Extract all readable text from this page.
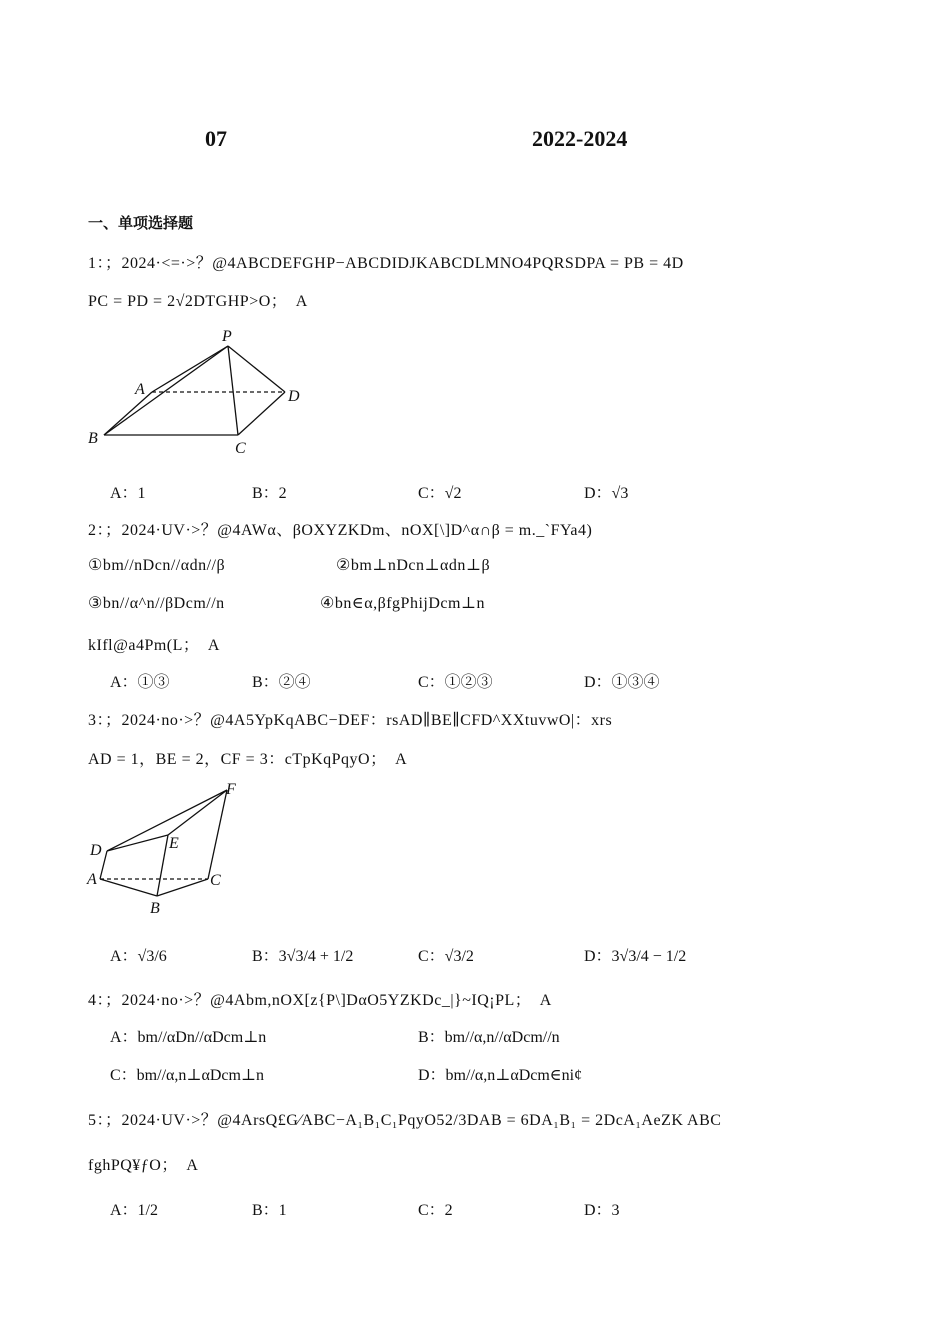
07	2022-2024
一、单项选择题
1：；2024·<=·>？@4ABCDEFGHP−ABCDIDJKABCDLMNO4PQRSDPA = PB = 4D
PC = PD = 2√2DTGHP>O；　A
P
A	D
B
C
A：1	B：2	C：√2	D：√3
2：；2024·UV·>？@4AWα、βOXYZKDm、nOX[\]D^α∩β = m._`FYa4)
①bm//nDcn//αdn//β	②bm⊥nDcn⊥αdn⊥β
③bn//α^n//βDcm//n	④bn∈α,βfgPhijDcm⊥n
kIfl@a4Pm(L；　A
A：①③	B：②④	C：①②③	D：①③④
3：；2024·no·>？@4A5YpKqABC−DEF：rsAD∥BE∥CFD^XXtuvwO|：xrs
AD = 1，BE = 2，CF = 3：cTpKqPqyO；　A
F
D	E
A	C
B
A：√3/6	B：3√3/4 + 1/2	C：√3/2	D：3√3/4 − 1/2
4：；2024·no·>？@4Abm,nOX[z{P\]DαO5YZKDc_|}~IQ¡PL；　A
A：bm//αDn//αDcm⊥n	B：bm//α,n//αDcm//n
C：bm//α,n⊥αDcm⊥n	D：bm//α,n⊥αDcm∈ni¢
5：；2024·UV·>？@4ArsQ£G⁄ABC−A₁B₁C₁PqyO52/3DAB = 6DA₁B₁ = 2DcA₁AeZK ABC
fghPQ¥ƒO；　A
A：1/2	B：1	C：2	D：3
